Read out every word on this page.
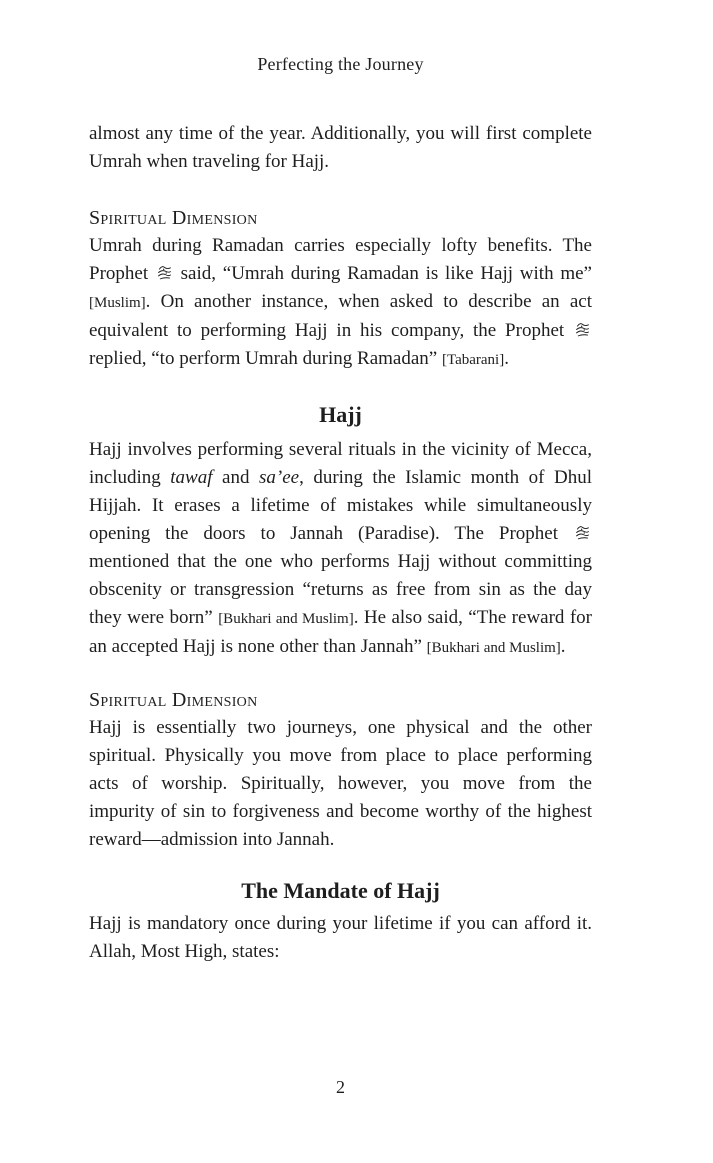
Perfecting the Journey

almost any time of the year. Additionally, you will first complete Umrah when traveling for Hajj.

Spiritual Dimension

Umrah during Ramadan carries especially lofty benefits. The Prophet
said, “Umrah during Ramadan is like Hajj with me” [Muslim]. On another instance, when asked to describe an act equivalent to performing Hajj in his company, the Prophet
replied, “to perform Umrah during Ramadan” [Tabarani].

Hajj

Hajj involves performing several rituals in the vicinity of Mecca, including tawaf and sa’ee, during the Islamic month of Dhul Hijjah. It erases a lifetime of mistakes while simultaneously opening the doors to Jannah (Paradise). The Prophet
mentioned that the one who performs Hajj without committing obscenity or transgression “returns as free from sin as the day they were born” [Bukhari and Muslim]. He also said, “The reward for an accepted Hajj is none other than Jannah” [Bukhari and Muslim].

Spiritual Dimension

Hajj is essentially two journeys, one physical and the other spiritual. Physically you move from place to place performing acts of worship. Spiritually, however, you move from the impurity of sin to forgiveness and become worthy of the highest reward—admission into Jannah.

The Mandate of Hajj

Hajj is mandatory once during your lifetime if you can afford it. Allah, Most High, states:

2
